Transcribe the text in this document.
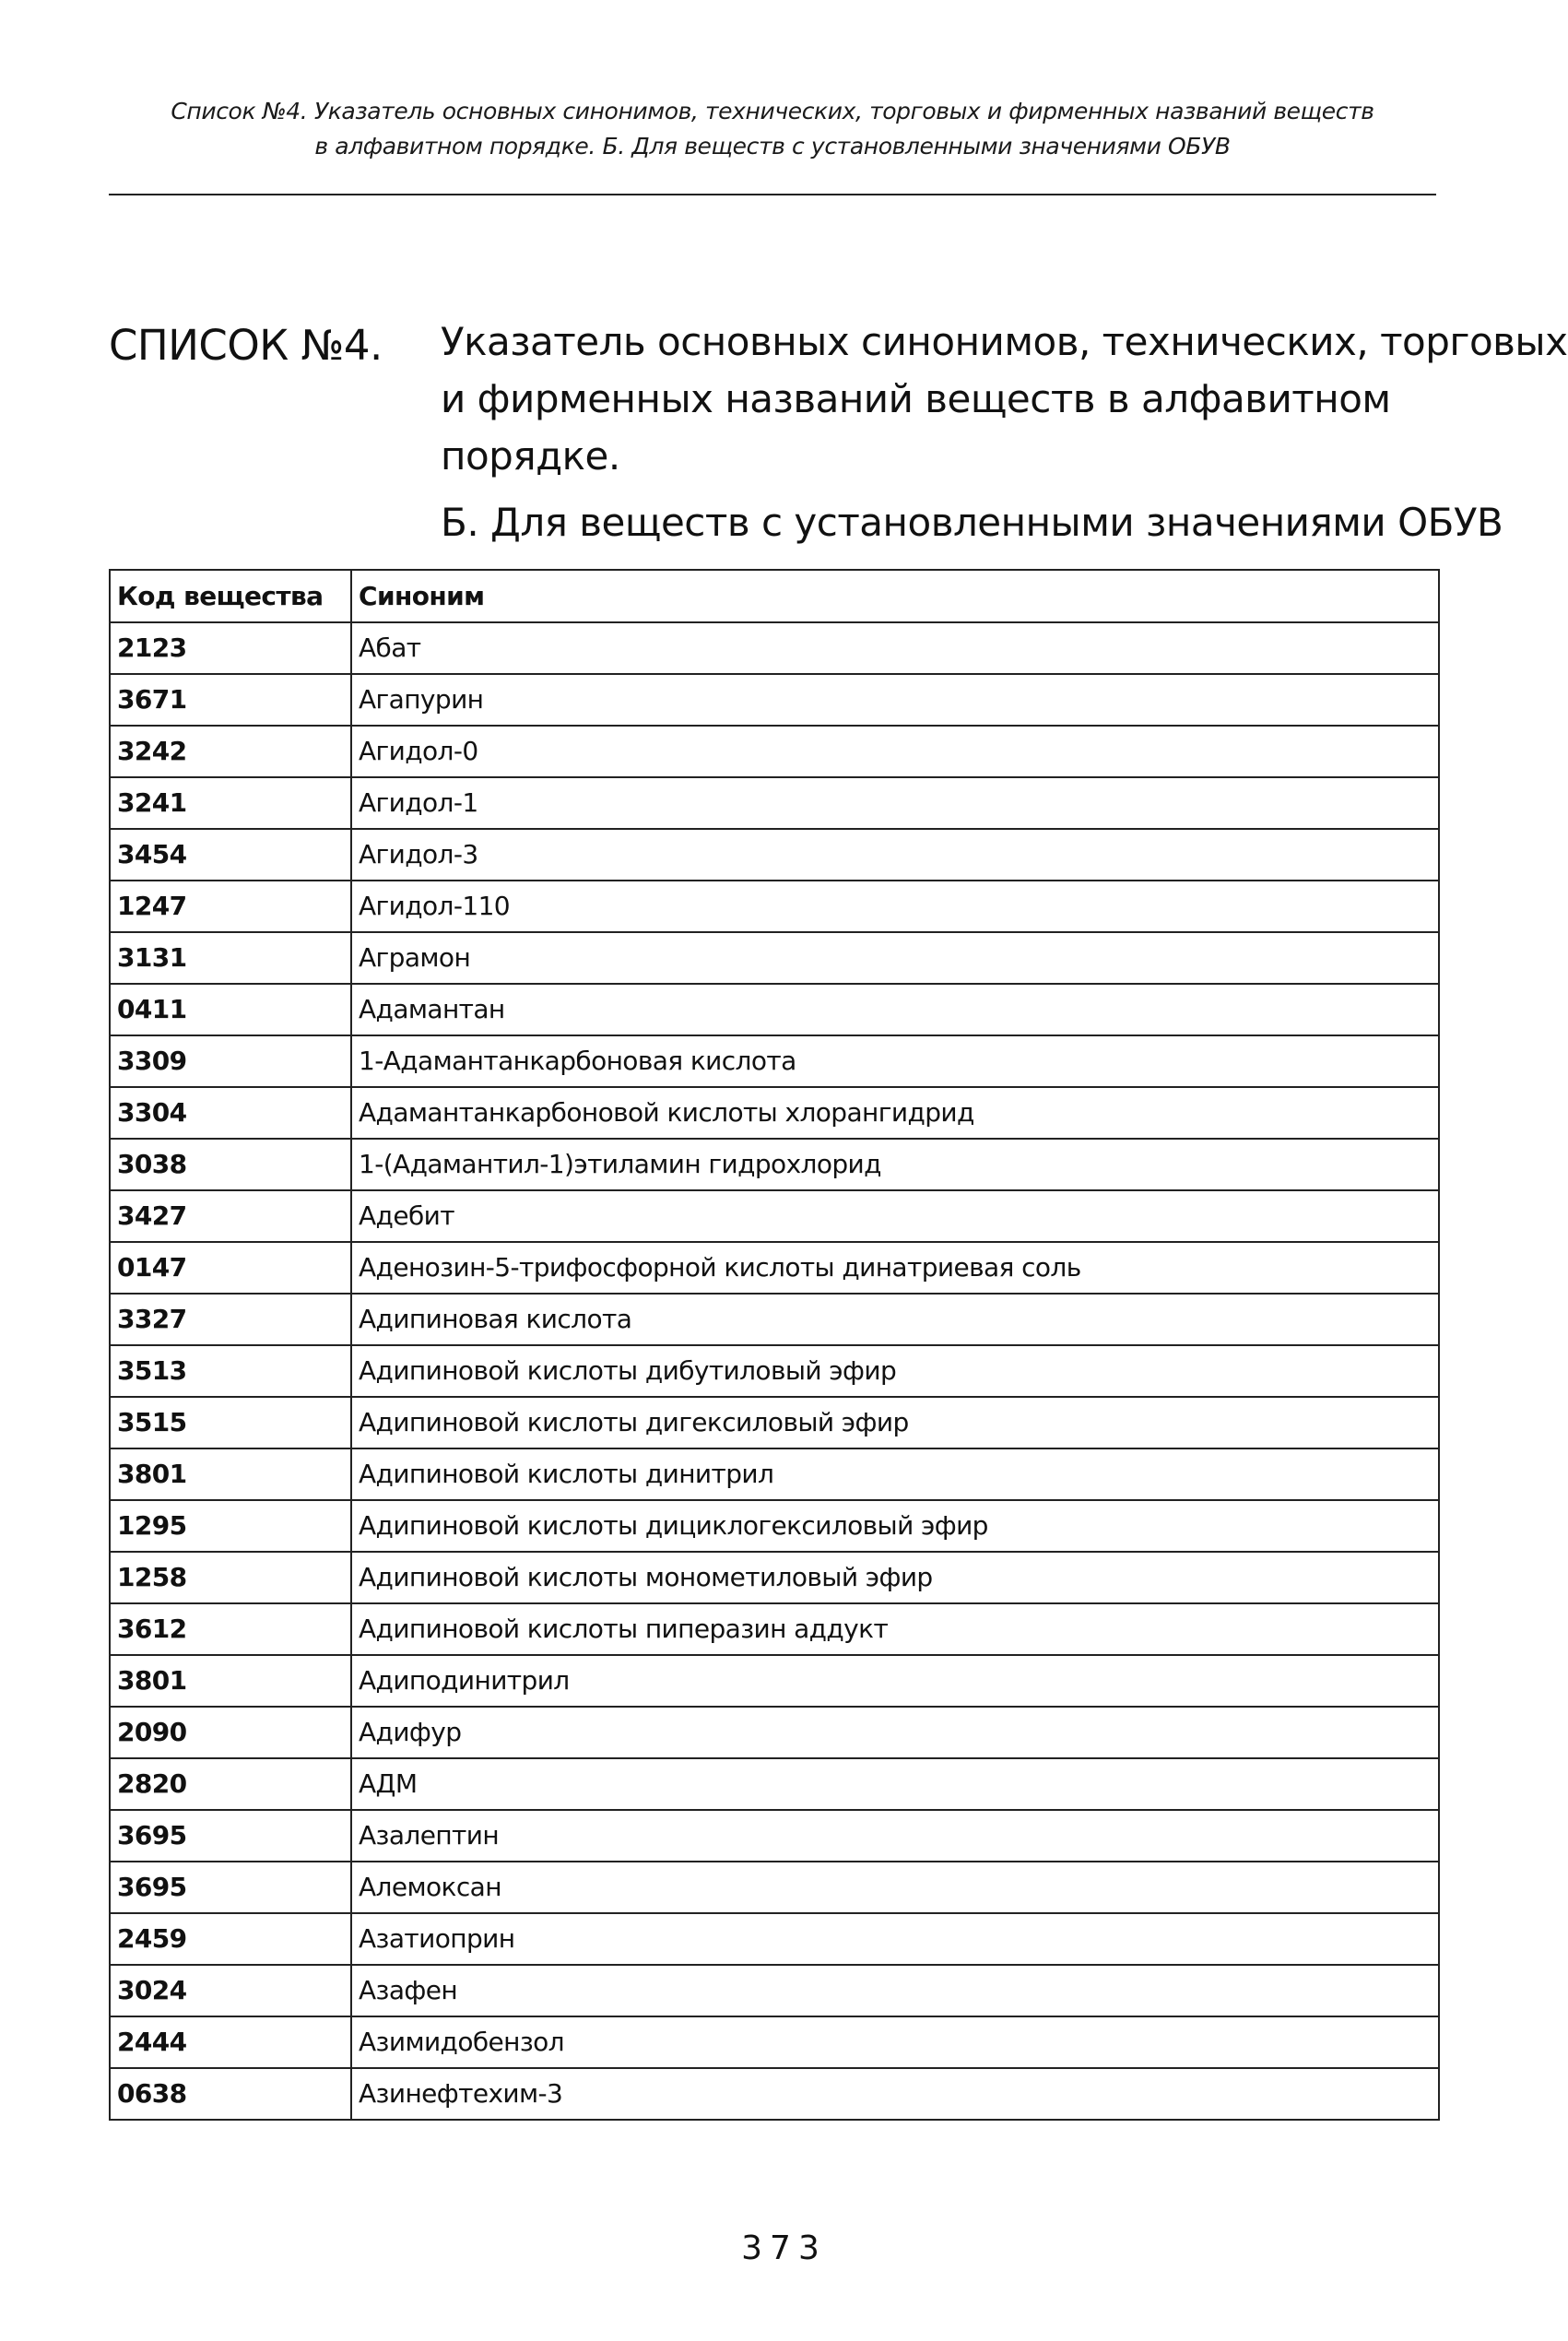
Список №4. Указатель основных синонимов, технических, торговых и фирменных названий веществ
в алфавитном порядке. Б. Для веществ с установленными значениями ОБУВ
СПИСОК №4. Указатель основных синонимов, технических, торговых
и фирменных названий веществ в алфавитном
порядке.
Б. Для веществ с установленными значениями ОБУВ
Код вещества	Синоним
2123	Абат
3671	Агапурин
3242	Агидол-0
3241	Агидол-1
3454	Агидол-3
1247	Агидол-110
3131	Аграмон
0411	Адамантан
3309	1-Адамантанкарбоновая кислота
3304	Адамантанкарбоновой кислоты хлорангидрид
3038	1-(Адамантил-1)этиламин гидрохлорид
3427	Адебит
0147	Аденозин-5-трифосфорной кислоты динатриевая соль
3327	Адипиновая кислота
3513	Адипиновой кислоты дибутиловый эфир
3515	Адипиновой кислоты дигексиловый эфир
3801	Адипиновой кислоты динитрил
1295	Адипиновой кислоты дициклогексиловый эфир
1258	Адипиновой кислоты монометиловый эфир
3612	Адипиновой кислоты пиперазин аддукт
3801	Адиподинитрил
2090	Адифур
2820	АДМ
3695	Азалептин
3695	Алемоксан
2459	Азатиоприн
3024	Азафен
2444	Азимидобензол
0638	Азинефтехим-3
373
